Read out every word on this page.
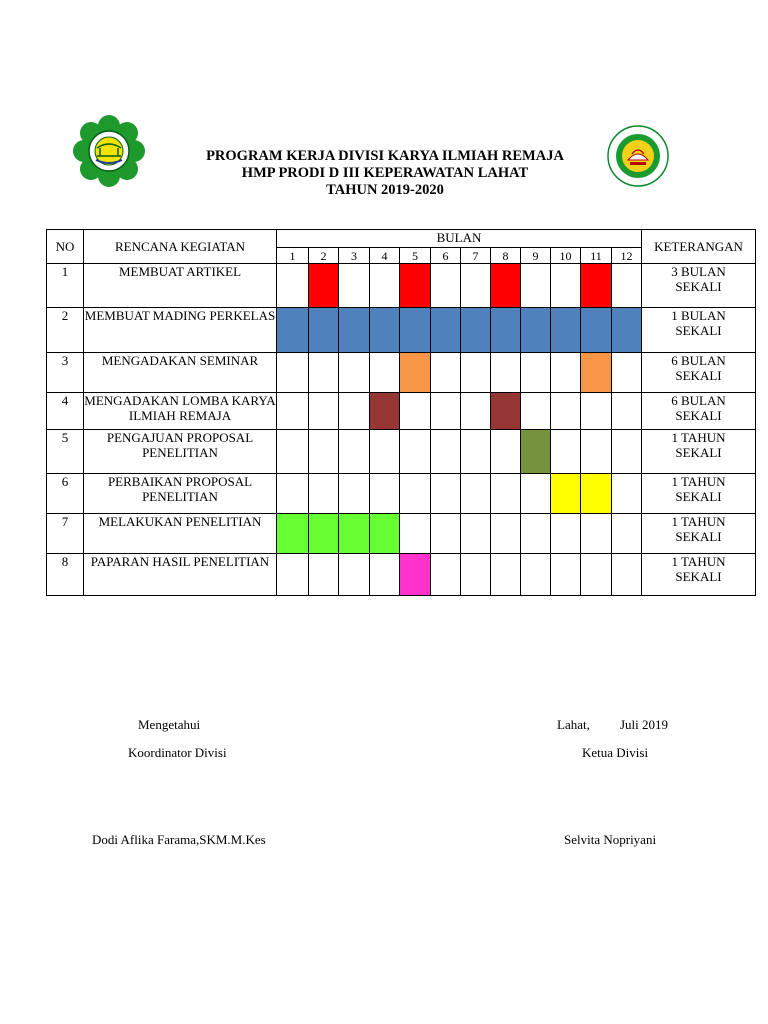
PROGRAM KERJA DIVISI KARYA ILMIAH REMAJA
HMP PRODI D III KEPERAWATAN LAHAT
TAHUN 2019-2020
NO	RENCANA KEGIATAN	BULAN												KETERANGAN
		1	2	3	4	5	6	7	8	9	10	11	12	
1	MEMBUAT ARTIKEL													3 BULAN
SEKALI

2	MEMBUAT MADING PERKELAS													1 BULAN
SEKALI

3	MENGADAKAN SEMINAR													6 BULAN
SEKALI

4	MENGADAKAN LOMBA KARYA ILMIAH REMAJA													6 BULAN
SEKALI

5	PENGAJUAN PROPOSAL PENELITIAN													1 TAHUN
SEKALI

6	PERBAIKAN PROPOSAL PENELITIAN													1 TAHUN
SEKALI

7	MELAKUKAN PENELITIAN													1 TAHUN
SEKALI

8	PAPARAN HASIL PENELITIAN													1 TAHUN
SEKALI
Mengetahui
Koordinator Divisi
Dodi Aflika Farama,SKM.M.Kes
Lahat, Juli 2019
Ketua Divisi
Selvita Nopriyani
